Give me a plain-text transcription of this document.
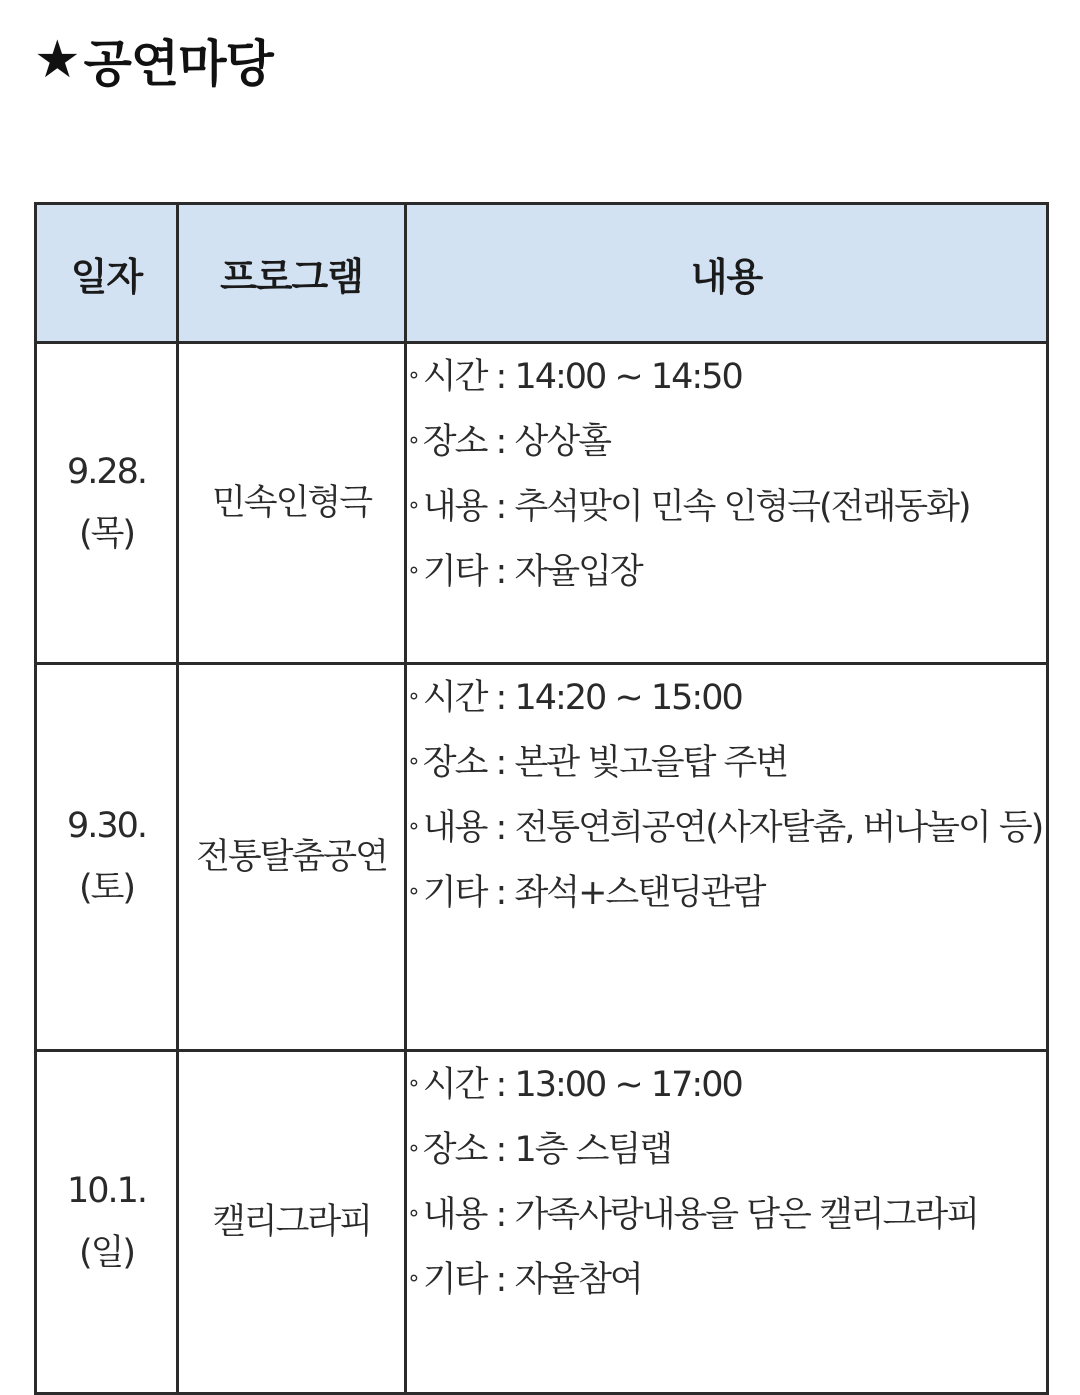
★ 공연마당
일자	프로그램	내용

9.28.
(목)	민속인형극	∘ 시간 : 14:00 ~ 14:50
∘ 장소 : 상상홀
∘ 내용 : 추석맞이 민속 인형극(전래동화)
∘ 기타 : 자율입장

9.30.
(토)	전통탈춤공연	∘ 시간 : 14:20 ~ 15:00
∘ 장소 : 본관 빛고을탑 주변
∘ 내용 : 전통연희공연(사자탈춤, 버나놀이 등)
∘ 기타 : 좌석+스탠딩관람

10.1.
(일)	캘리그라피	∘ 시간 : 13:00 ~ 17:00
∘ 장소 : 1층 스팀랩
∘ 내용 : 가족사랑내용을 담은 캘리그라피
∘ 기타 : 자율참여
